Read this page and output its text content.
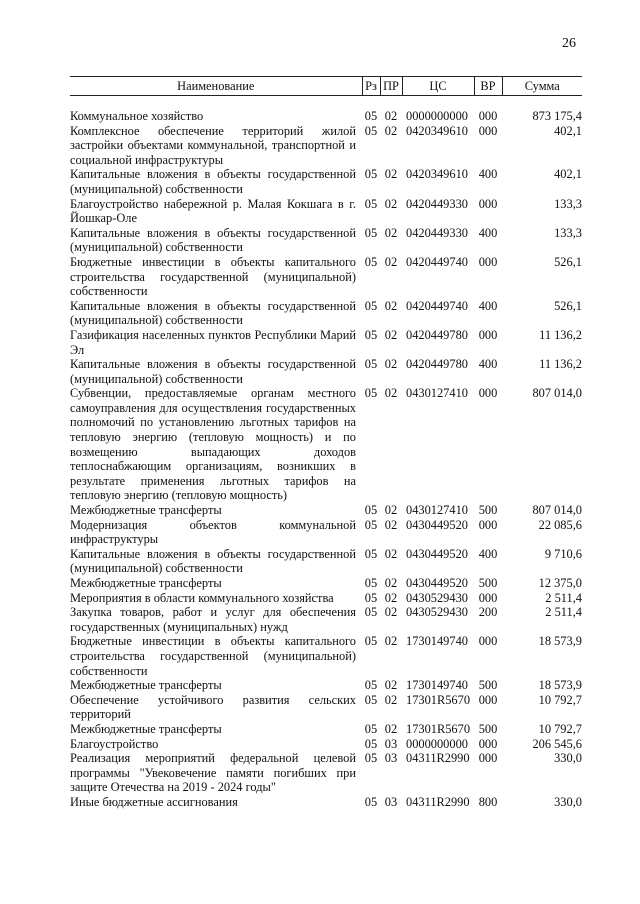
26
Наименование	Рз	ПР	ЦС	ВР	Сумма
Коммунальное хозяйство	05	02	0000000000	000	873 175,4
Комплексное обеспечение территорий жилой застройки объектами коммунальной, транспортной и социальной инфраструктуры	05	02	0420349610	000	402,1
Капитальные вложения в объекты государственной (муниципальной) собственности	05	02	0420349610	400	402,1
Благоустройство набережной р. Малая Кокшага в г. Йошкар-Оле	05	02	0420449330	000	133,3
Капитальные вложения в объекты государственной (муниципальной) собственности	05	02	0420449330	400	133,3
Бюджетные инвестиции в объекты капитального строительства государственной (муниципальной) собственности	05	02	0420449740	000	526,1
Капитальные вложения в объекты государственной (муниципальной) собственности	05	02	0420449740	400	526,1
Газификация населенных пунктов Республики Марий Эл	05	02	0420449780	000	11 136,2
Капитальные вложения в объекты государственной (муниципальной) собственности	05	02	0420449780	400	11 136,2
Субвенции, предоставляемые органам местного самоуправления для осуществления государственных полномочий по установлению льготных тарифов на тепловую энергию (тепловую мощность) и по возмещению выпадающих доходов теплоснабжающим организациям, возникших в результате применения льготных тарифов на тепловую энергию (тепловую мощность)	05	02	0430127410	000	807 014,0
Межбюджетные трансферты	05	02	0430127410	500	807 014,0
Модернизация объектов коммунальной инфраструктуры	05	02	0430449520	000	22 085,6
Капитальные вложения в объекты государственной (муниципальной) собственности	05	02	0430449520	400	9 710,6
Межбюджетные трансферты	05	02	0430449520	500	12 375,0
Мероприятия в области коммунального хозяйства	05	02	0430529430	000	2 511,4
Закупка товаров, работ и услуг для обеспечения государственных (муниципальных) нужд	05	02	0430529430	200	2 511,4
Бюджетные инвестиции в объекты капитального строительства государственной (муниципальной) собственности	05	02	1730149740	000	18 573,9
Межбюджетные трансферты	05	02	1730149740	500	18 573,9
Обеспечение устойчивого развития сельских территорий	05	02	17301R5670	000	10 792,7
Межбюджетные трансферты	05	02	17301R5670	500	10 792,7
Благоустройство	05	03	0000000000	000	206 545,6
Реализация мероприятий федеральной целевой программы "Увековечение памяти погибших при защите Отечества на 2019 - 2024 годы"	05	03	04311R2990	000	330,0
Иные бюджетные ассигнования	05	03	04311R2990	800	330,0
